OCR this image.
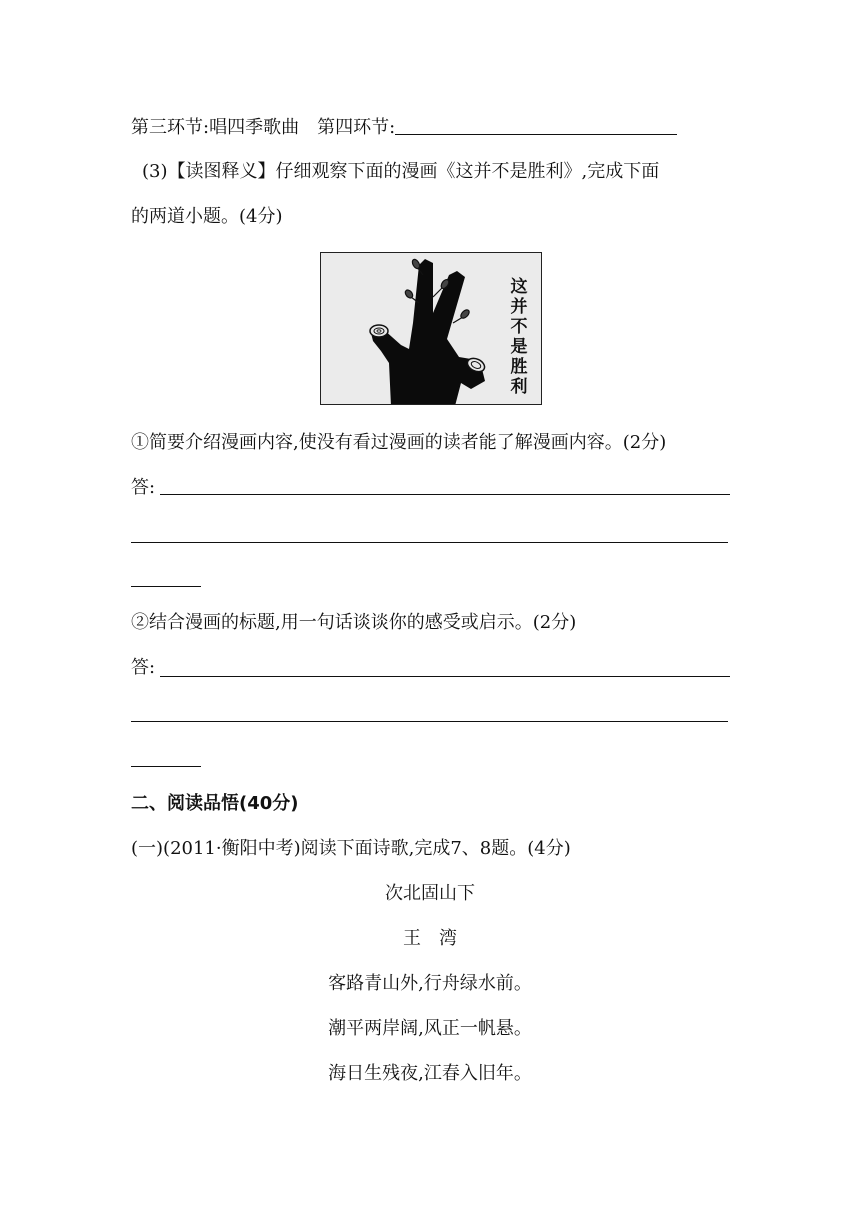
第三环节:唱四季歌曲　第四环节:
(3)【读图释义】仔细观察下面的漫画《这并不是胜利》,完成下面
的两道小题。(4分)
这并不是胜利
①简要介绍漫画内容,使没有看过漫画的读者能了解漫画内容。(2分)
答:
②结合漫画的标题,用一句话谈谈你的感受或启示。(2分)
答:
二、阅读品悟(40分)
(一)(2011·衡阳中考)阅读下面诗歌,完成7、8题。(4分)
次北固山下
王　湾
客路青山外,行舟绿水前。
潮平两岸阔,风正一帆悬。
海日生残夜,江春入旧年。
